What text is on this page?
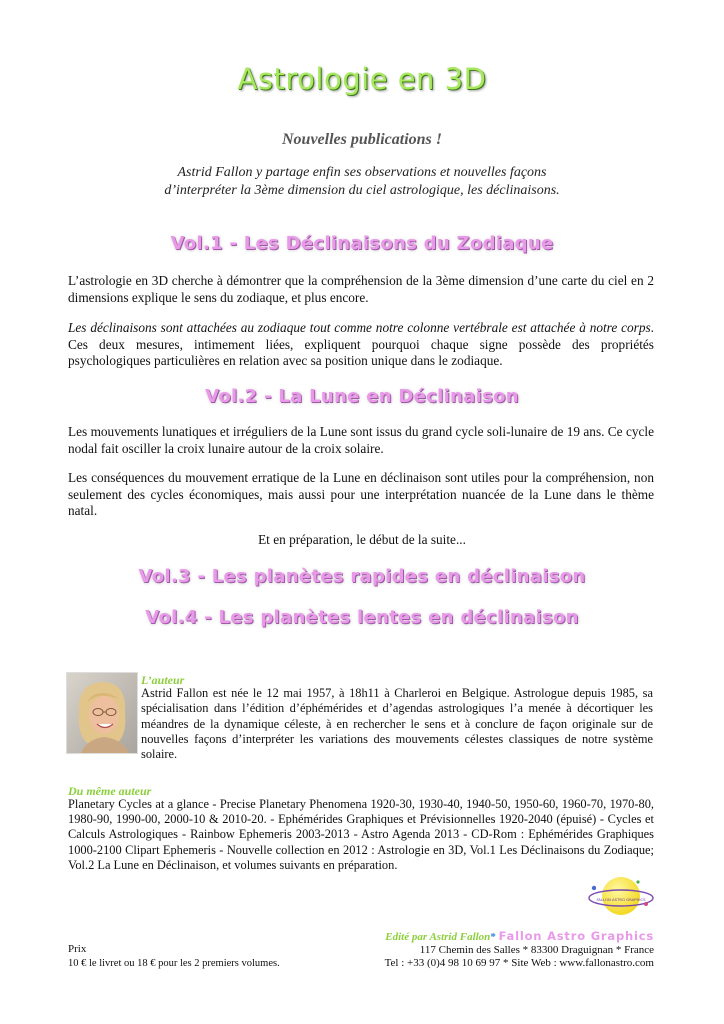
Astrologie en 3D
Nouvelles publications !
Astrid Fallon y partage enfin ses observations et nouvelles façons
d’interpréter la 3ème dimension du ciel astrologique, les déclinaisons.
Vol.1 - Les Déclinaisons du Zodiaque
L’astrologie en 3D cherche à démontrer que la compréhension de la 3ème dimension d’une carte du ciel en 2 dimensions explique le sens du zodiaque, et plus encore.
Les déclinaisons sont attachées au zodiaque tout comme notre colonne vertébrale est attachée à notre corps. Ces deux mesures, intimement liées, expliquent pourquoi chaque signe possède des propriétés psychologiques particulières en relation avec sa position unique dans le zodiaque.
Vol.2 - La Lune en Déclinaison
Les mouvements lunatiques et irréguliers de la Lune sont issus du grand cycle soli-lunaire de 19 ans. Ce cycle nodal fait osciller la croix lunaire autour de la croix solaire.
Les conséquences du mouvement erratique de la Lune en déclinaison sont utiles pour la compréhension, non seulement des cycles économiques, mais aussi pour une interprétation nuancée de la Lune dans le thème natal.
Et en préparation, le début de la suite...
Vol.3 - Les planètes rapides en déclinaison
Vol.4 - Les planètes lentes en déclinaison
L’auteur
Astrid Fallon est née le 12 mai 1957, à 18h11 à Charleroi en Belgique. Astrologue depuis 1985, sa spécialisation dans l’édition d’éphémérides et d’agendas astrologiques l’a menée à décortiquer les méandres de la dynamique céleste, à en rechercher le sens et à conclure de façon originale sur de nouvelles façons d’interpréter les variations des mouvements célestes classiques de notre système solaire.
Du même auteur
Planetary Cycles at a glance - Precise Planetary Phenomena 1920-30, 1930-40, 1940-50, 1950-60, 1960-70, 1970-80, 1980-90, 1990-00, 2000-10 & 2010-20. - Ephémérides Graphiques et Prévisionnelles 1920-2040 (épuisé) - Cycles et Calculs Astrologiques - Rainbow Ephemeris 2003-2013 - Astro Agenda 2013 - CD-Rom : Ephémérides Graphiques 1000-2100 Clipart Ephemeris - Nouvelle collection en 2012 : Astrologie en 3D, Vol.1 Les Déclinaisons du Zodiaque; Vol.2 La Lune en Déclinaison, et volumes suivants en préparation.
FALLON ASTRO GRAPHICS
Edité par Astrid Fallon* Fallon Astro Graphics
117 Chemin des Salles * 83300 Draguignan * France
Tel : +33 (0)4 98 10 69 97 * Site Web : www.fallonastro.com
Prix
10 € le livret ou 18 € pour les 2 premiers volumes.
